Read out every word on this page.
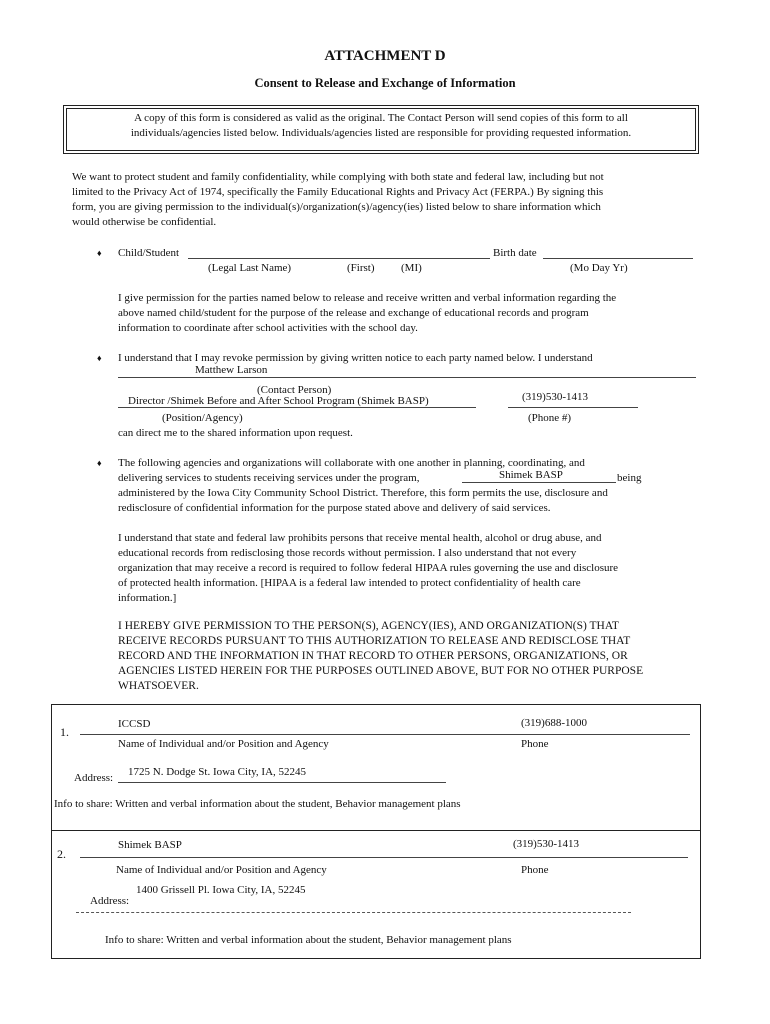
ATTACHMENT D
Consent to Release and Exchange of Information
A copy of this form is considered as valid as the original. The Contact Person will send copies of this form to all
individuals/agencies listed below. Individuals/agencies listed are responsible for providing requested information.
We want to protect student and family confidentiality, while complying with both state and federal law, including but not
limited to the Privacy Act of 1974, specifically the Family Educational Rights and Privacy Act (FERPA.) By signing this
form, you are giving permission to the individual(s)/organization(s)/agency(ies) listed below to share information which
would otherwise be confidential.
♦ Child/Student	Birth date
(Legal Last Name)	(First) (MI)	(Mo Day Yr)
I give permission for the parties named below to release and receive written and verbal information regarding the
above named child/student for the purpose of the release and exchange of educational records and program
information to coordinate after school activities with the school day.
♦ I understand that I may revoke permission by giving written notice to each party named below. I understand
Matthew Larson
(Contact Person)
Director /Shimek Before and After School Program (Shimek BASP)	(319)530-1413
(Position/Agency)	(Phone #)
can direct me to the shared information upon request.
♦ The following agencies and organizations will collaborate with one another in planning, coordinating, and
delivering services to students receiving services under the program,	Shimek BASP	being
administered by the Iowa City Community School District. Therefore, this form permits the use, disclosure and
redisclosure of confidential information for the purpose stated above and delivery of said services.
I understand that state and federal law prohibits persons that receive mental health, alcohol or drug abuse, and
educational records from redisclosing those records without permission. I also understand that not every
organization that may receive a record is required to follow federal HIPAA rules governing the use and disclosure
of protected health information. [HIPAA is a federal law intended to protect confidentiality of health care
information.]
I HEREBY GIVE PERMISSION TO THE PERSON(S), AGENCY(IES), AND ORGANIZATION(S) THAT
RECEIVE RECORDS PURSUANT TO THIS AUTHORIZATION TO RELEASE AND REDISCLOSE THAT
RECORD AND THE INFORMATION IN THAT RECORD TO OTHER PERSONS, ORGANIZATIONS, OR
AGENCIES LISTED HEREIN FOR THE PURPOSES OUTLINED ABOVE, BUT FOR NO OTHER PURPOSE
WHATSOEVER.
1.
ICCSD	(319)688-1000
Name of Individual and/or Position and Agency	Phone
Address: 1725 N. Dodge St. Iowa City, IA, 52245
Info to share: Written and verbal information about the student, Behavior management plans
2.
Shimek BASP	(319)530-1413
Name of Individual and/or Position and Agency	Phone
1400 Grissell Pl. Iowa City, IA, 52245
Address:
Info to share: Written and verbal information about the student, Behavior management plans
